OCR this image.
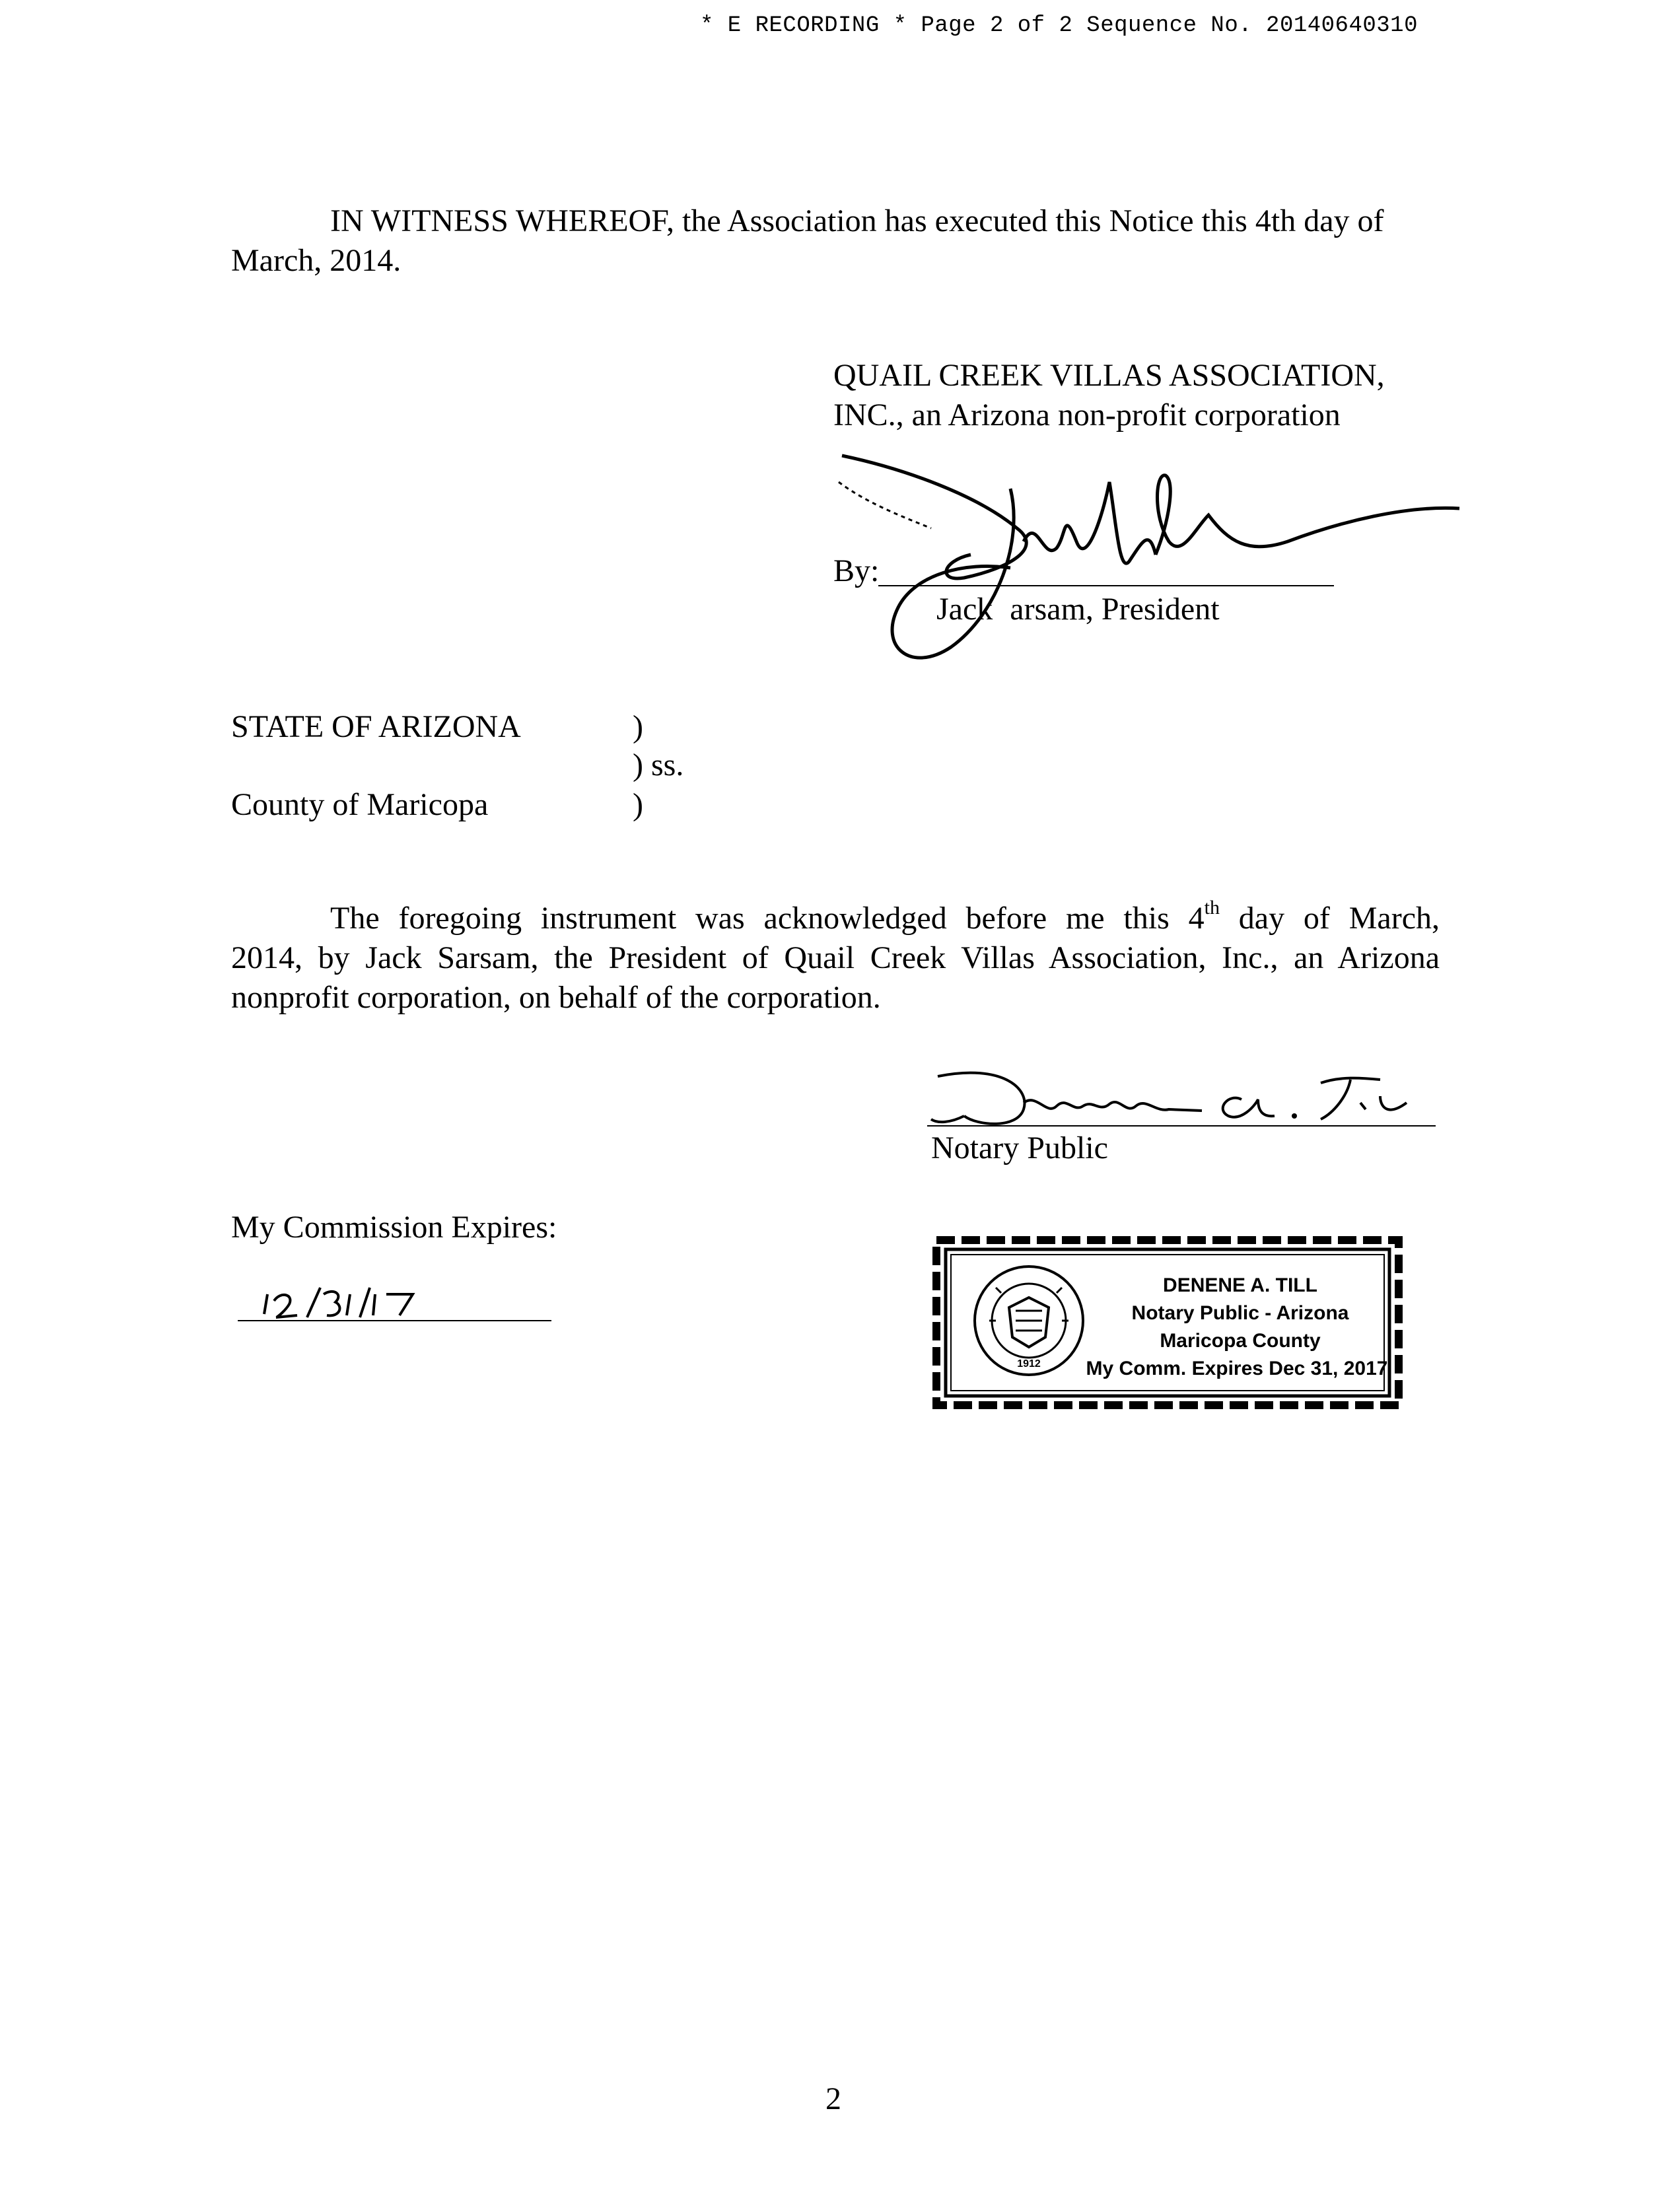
* E RECORDING * Page 2 of 2 Sequence No. 20140640310
IN WITNESS WHEREOF, the Association has executed this Notice this 4th day of
March, 2014.
QUAIL CREEK VILLAS ASSOCIATION,
INC., an Arizona non-profit corporation
By:
Jack arsam, President
STATE OF ARIZONA	)
) ss.
County of Maricopa	)
The foregoing instrument was acknowledged before me this 4th day of March,
2014, by Jack Sarsam, the President of Quail Creek Villas Association, Inc., an Arizona
nonprofit corporation, on behalf of the corporation.
Notary Public
My Commission Expires:
1912
DENENE A. TILL
Notary Public - Arizona
Maricopa County
My Comm. Expires Dec 31, 2017
2
